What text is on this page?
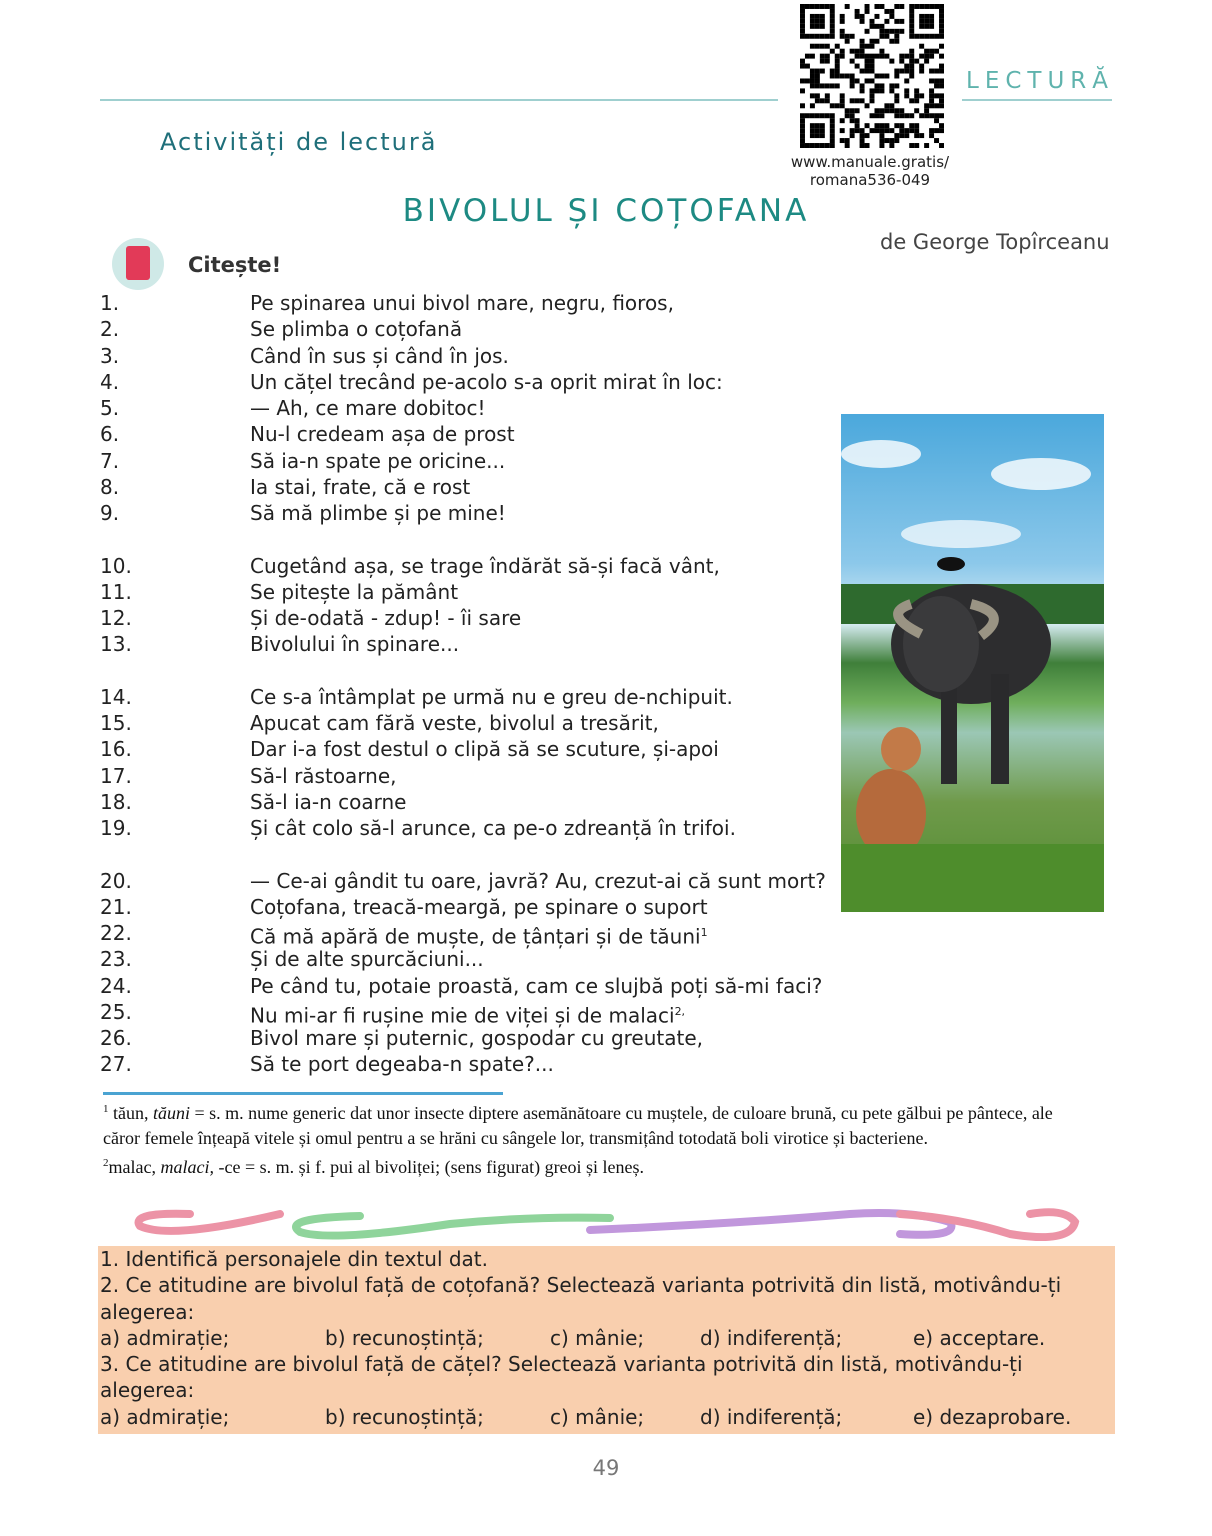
LECTURĂ
Activități de lectură
www.manuale.gratis/
romana536-049
BIVOLUL ȘI COȚOFANA
de George Topîrceanu
Citește!
1.	Pe spinarea unui bivol mare, negru, fioros,
2.	Se plimba o coțofană
3.	Când în sus și când în jos.
4.	Un cățel trecând pe-acolo s-a oprit mirat în loc:
5.	— Ah, ce mare dobitoc!
6.	Nu-l credeam așa de prost
7.	Să ia-n spate pe oricine...
8.	Ia stai, frate, că e rost
9.	Să mă plimbe și pe mine!
10.	Cugetând așa, se trage îndărăt să-și facă vânt,
11.	Se pitește la pământ
12.	Și de-odată - zdup! - îi sare
13.	Bivolului în spinare...
14.	Ce s-a întâmplat pe urmă nu e greu de-nchipuit.
15.	Apucat cam fără veste, bivolul a tresărit,
16.	Dar i-a fost destul o clipă să se scuture, și-apoi
17.	Să-l răstoarne,
18.	Să-l ia-n coarne
19.	Și cât colo să-l arunce, ca pe-o zdreanță în trifoi.
20.	— Ce-ai gândit tu oare, javră? Au, crezut-ai că sunt mort?
21.	Coțofana, treacă-meargă, pe spinare o suport
22.	Că mă apără de muște, de țânțari și de tăuni$^1$
23.	Și de alte spurcăciuni...
24.	Pe când tu, potaie proastă, cam ce slujbă poți să-mi faci?
25.	Nu mi-ar fi rușine mie de viței și de malaci$^{2,}$
26.	Bivol mare și puternic, gospodar cu greutate,
27.	Să te port degeaba-n spate?...
$^1$ tăun, tăuni = s. m. nume generic dat unor insecte diptere asemănătoare cu muștele, de culoare brună, cu pete gălbui pe pântece, ale căror femele înțeapă vitele și omul pentru a se hrăni cu sângele lor, transmițând totodată boli virotice și bacteriene.
$^2$malac, malaci, -ce = s. m. și f. pui al bivoliței; (sens figurat) greoi și leneș.
1. Identifică personajele din textul dat.
2. Ce atitudine are bivolul față de coțofană? Selectează varianta potrivită din listă, motivându-ți alegerea:
a) admirație;	b) recunoștință;	c) mânie;	d) indiferență;	e) acceptare.
3. Ce atitudine are bivolul față de cățel? Selectează varianta potrivită din listă, motivându-ți alegerea:
a) admirație;	b) recunoștință;	c) mânie;	d) indiferență;	e) dezaprobare.
49
